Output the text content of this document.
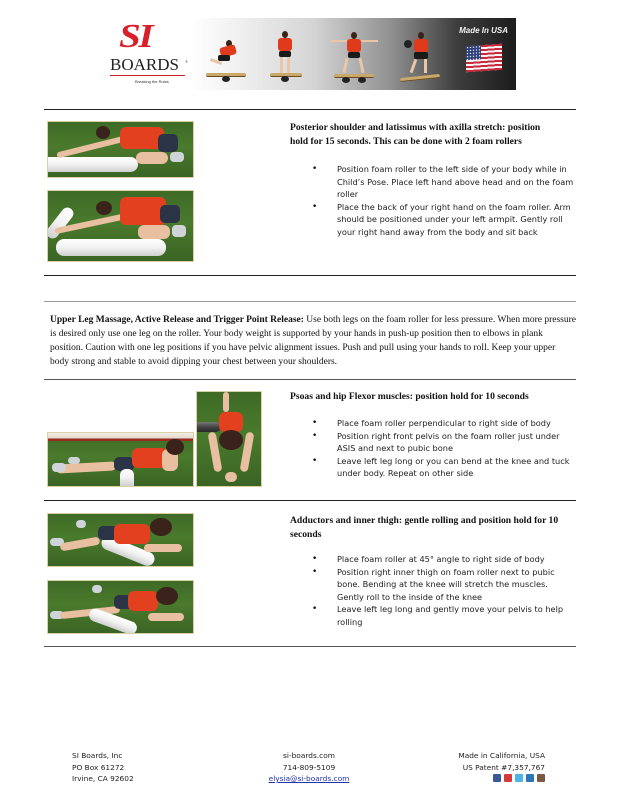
SI
BOARDS ®
Breaking the Rules
Made In USA
Posterior shoulder and latissimus with axilla stretch: position hold for 15 seconds. This can be done with 2 foam rollers
• Position foam roller to the left side of your body while in Child’s Pose. Place left hand above head and on the foam roller
• Place the back of your right hand on the foam roller. Arm should be positioned under your left armpit. Gently roll your right hand away from the body and sit back
Upper Leg Massage, Active Release and Trigger Point Release: Use both legs on the foam roller for less pressure. When more pressure is desired only use one leg on the roller. Your body weight is supported by your hands in push-up position then to elbows in plank position. Caution with one leg positions if you have pelvic alignment issues. Push and pull using your hands to roll. Keep your upper body strong and stable to avoid dipping your chest between your shoulders.
Psoas and hip Flexor muscles: position hold for 10 seconds
• Place foam roller perpendicular to right side of body
• Position right front pelvis on the foam roller just under ASIS and next to pubic bone
• Leave left leg long or you can bend at the knee and tuck under body. Repeat on other side
Adductors and inner thigh: gentle rolling and position hold for 10 seconds
• Place foam roller at 45° angle to right side of body
• Position right inner thigh on foam roller next to pubic bone. Bending at the knee will stretch the muscles. Gently roll to the inside of the knee
• Leave left leg long and gently move your pelvis to help rolling
SI Boards, Inc
PO Box 61272
Irvine, CA 92602
si-boards.com
714-809-5109
elysia@si-boards.com
Made in California, USA
US Patent #7,357,767
